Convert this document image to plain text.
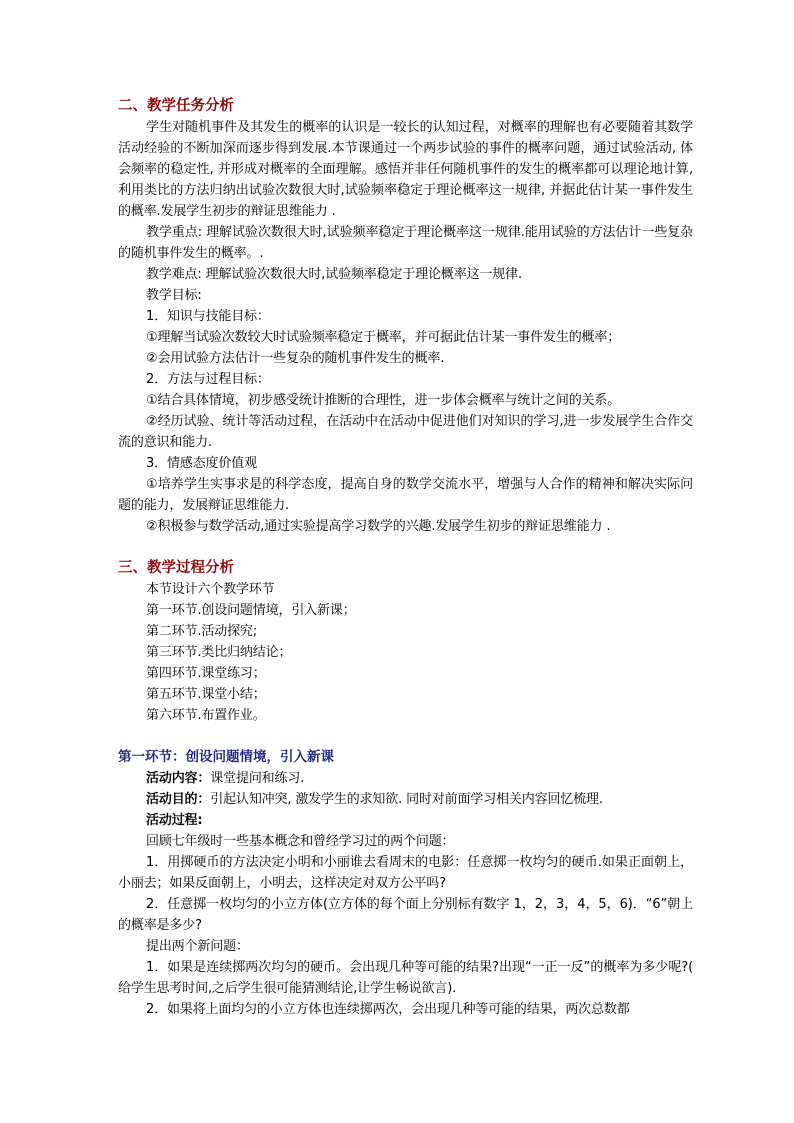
二、教学任务分析
学生对随机事件及其发生的概率的认识是一较长的认知过程，对概率的理解也有必要随着其数学活动经验的不断加深而逐步得到发展.本节课通过一个两步试验的事件的概率问题，通过试验活动, 体会频率的稳定性, 并形成对概率的全面理解。感悟并非任何随机事件的发生的概率都可以理论地计算,利用类比的方法归纳出试验次数很大时,试验频率稳定于理论概率这一规律, 并据此估计某一事件发生的概率.发展学生初步的辩证思维能力 .
教学重点: 理解试验次数很大时,试验频率稳定于理论概率这一规律.能用试验的方法估计一些复杂的随机事件发生的概率。.
教学难点: 理解试验次数很大时,试验频率稳定于理论概率这一规律.
教学目标:
1．知识与技能目标：
①理解当试验次数较大时试验频率稳定于概率，并可据此估计某一事件发生的概率；
②会用试验方法估计一些复杂的随机事件发生的概率.
2．方法与过程目标：
①结合具体情境，初步感受统计推断的合理性，进一步体会概率与统计之间的关系。
②经历试验、统计等活动过程，在活动中在活动中促进他们对知识的学习,进一步发展学生合作交流的意识和能力.
3．情感态度价值观
①培养学生实事求是的科学态度，提高自身的数学交流水平，增强与人合作的精神和解决实际问题的能力，发展辩证思维能力.
②积极参与数学活动,通过实验提高学习数学的兴趣.发展学生初步的辩证思维能力 .
三、教学过程分析
本节设计六个教学环节
第一环节.创设问题情境，引入新课；
第二环节.活动探究;
第三环节.类比归纳结论；
第四环节.课堂练习；
第五环节.课堂小结；
第六环节.布置作业。
第一环节：创设问题情境，引入新课
活动内容：课堂提问和练习.
活动目的：引起认知冲突, 激发学生的求知欲. 同时对前面学习相关内容回忆梳理.
活动过程:
回顾七年级时一些基本概念和曾经学习过的两个问题：
1．用掷硬币的方法决定小明和小丽谁去看周末的电影：任意掷一枚均匀的硬币.如果正面朝上，小丽去；如果反面朝上，小明去，这样决定对双方公平吗?
2．任意掷一枚均匀的小立方体(立方体的每个面上分别标有数字 1，2，3，4，5，6)．“6”朝上的概率是多少?
提出两个新问题：
1．如果是连续掷两次均匀的硬币。会出现几种等可能的结果?出现“一正一反”的概率为多少呢?( 给学生思考时间,之后学生很可能猜测结论,让学生畅说欲言).
2．如果将上面均匀的小立方体也连续掷两次，会出现几种等可能的结果，两次总数都
